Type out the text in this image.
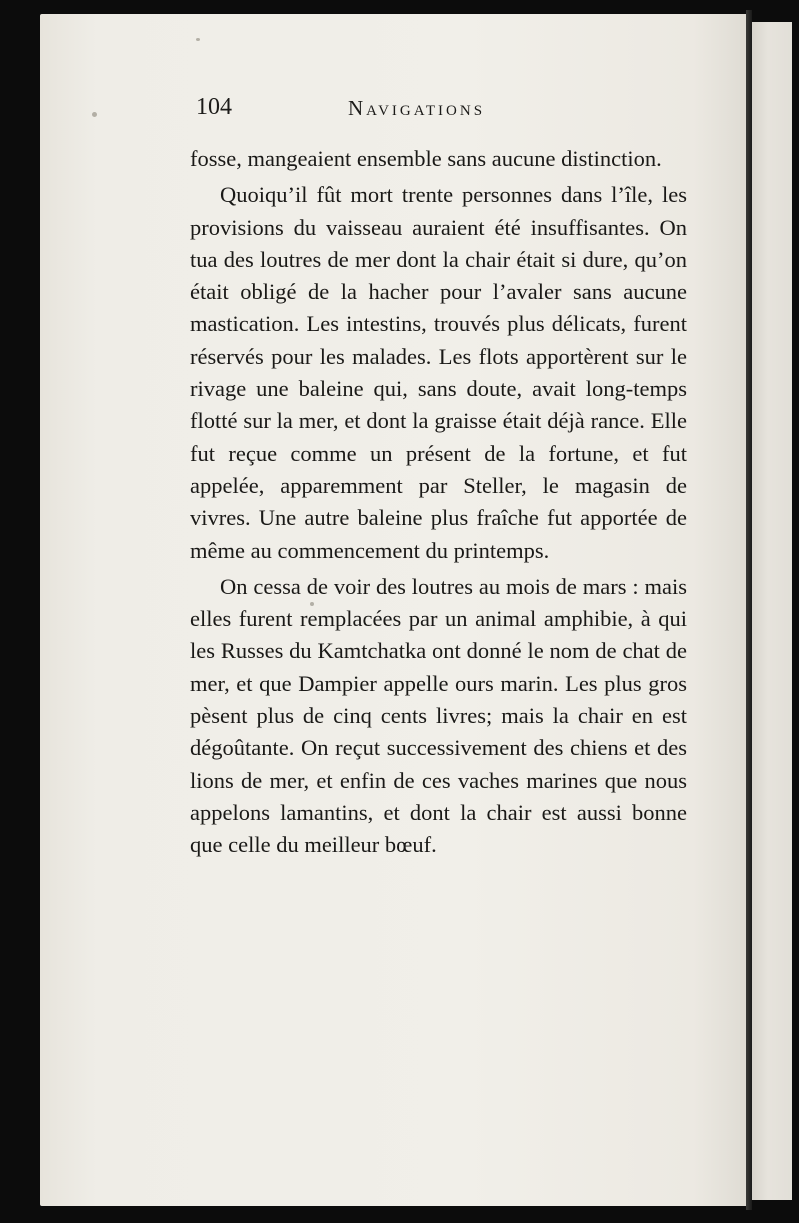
104	Navigations

fosse, mangeaient ensemble sans aucune distinction.

Quoiqu’il fût mort trente personnes dans l’île, les provisions du vaisseau auraient été insuffisantes. On tua des loutres de mer dont la chair était si dure, qu’on était obligé de la hacher pour l’avaler sans aucune mastication. Les intestins, trouvés plus délicats, furent réservés pour les malades. Les flots apportèrent sur le rivage une baleine qui, sans doute, avait long-temps flotté sur la mer, et dont la graisse était déjà rance. Elle fut reçue comme un présent de la fortune, et fut appelée, apparemment par Steller, le magasin de vivres. Une autre baleine plus fraîche fut apportée de même au commencement du printemps.

On cessa de voir des loutres au mois de mars : mais elles furent remplacées par un animal amphibie, à qui les Russes du Kamtchatka ont donné le nom de chat de mer, et que Dampier appelle ours marin. Les plus gros pèsent plus de cinq cents livres; mais la chair en est dégoûtante. On reçut successivement des chiens et des lions de mer, et enfin de ces vaches marines que nous appelons lamantins, et dont la chair est aussi bonne que celle du meilleur bœuf.
